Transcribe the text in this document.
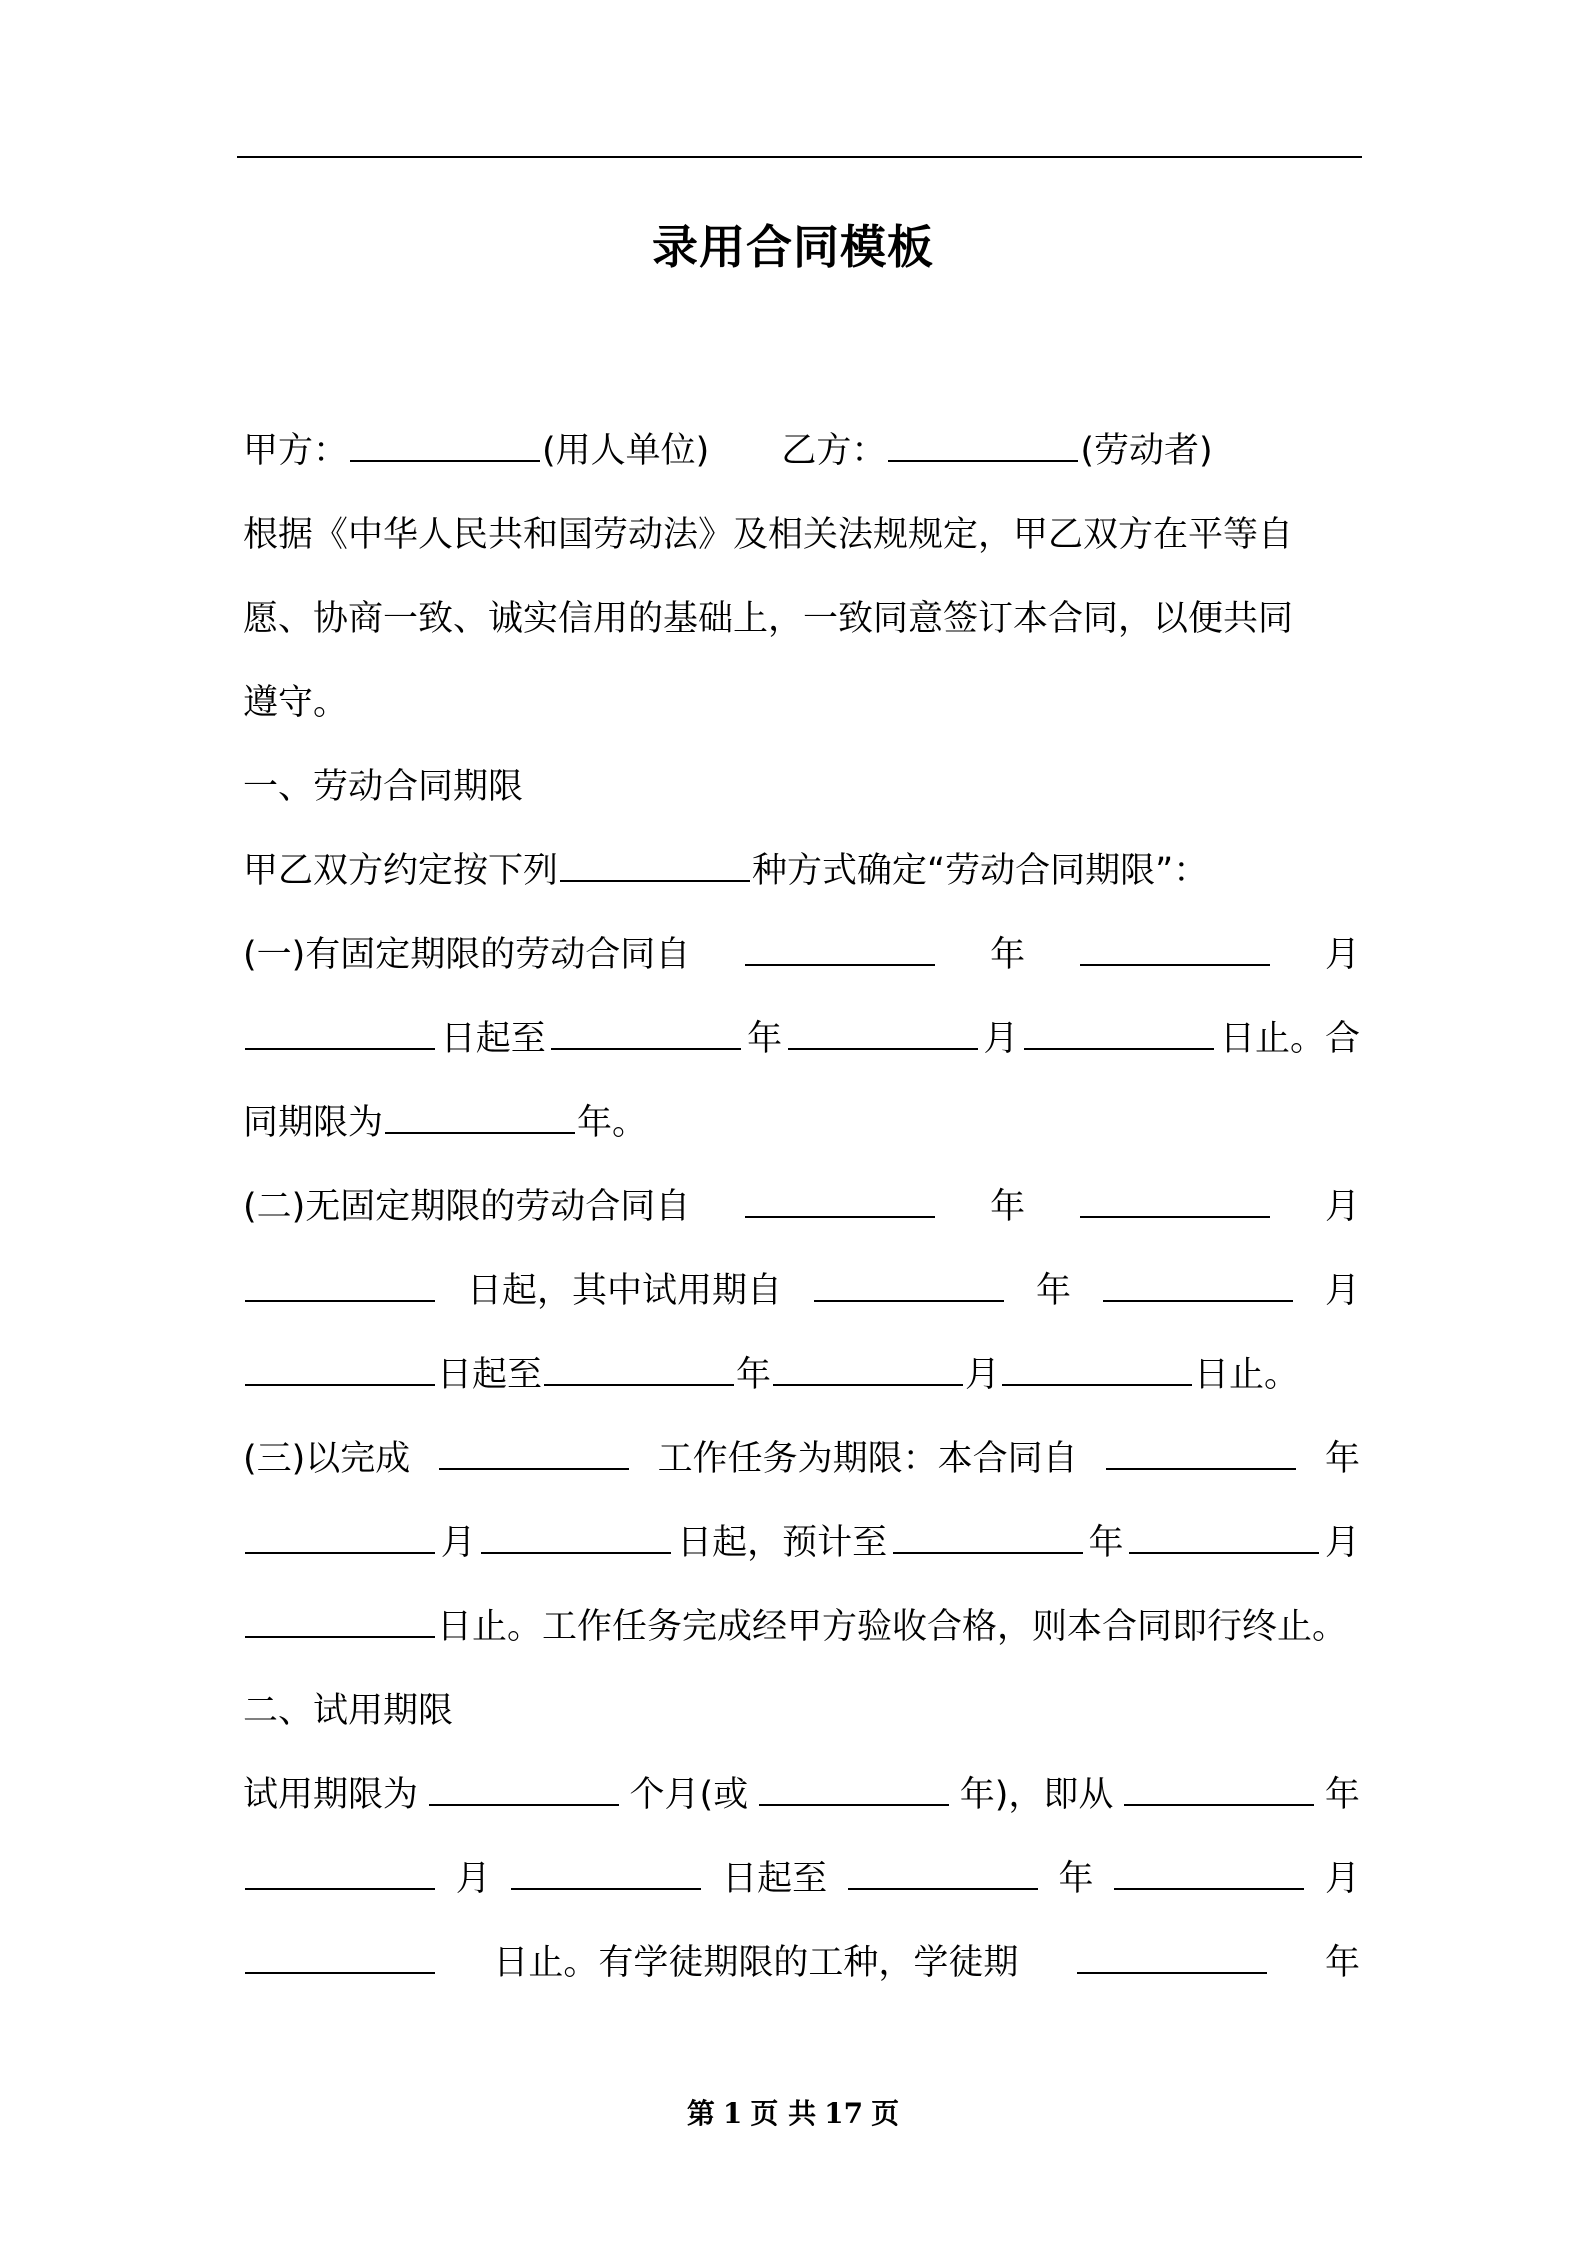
录用合同模板
甲方：	(用人单位) 乙方：	(劳动者)
根据《中华人民共和国劳动法》及相关法规规定，甲乙双方在平等自
愿、协商一致、诚实信用的基础上，一致同意签订本合同，以便共同
遵守。
一、劳动合同期限
甲乙双方约定按下列	种方式确定“劳动合同期限”：
(一)有固定期限的劳动合同自	年	月
日起至	年	月	日止。合
同期限为	年。
(二)无固定期限的劳动合同自	年	月
日起，其中试用期自	年	月
日起至	年	月	日止。
(三)以完成	工作任务为期限：本合同自	年
月	日起，预计至	年	月
日止。工作任务完成经甲方验收合格，则本合同即行终止。
二、试用期限
试用期限为	个月(或	年)，即从	年
月	日起至	年	月
日止。有学徒期限的工种，学徒期	年
第 1 页 共 17 页
